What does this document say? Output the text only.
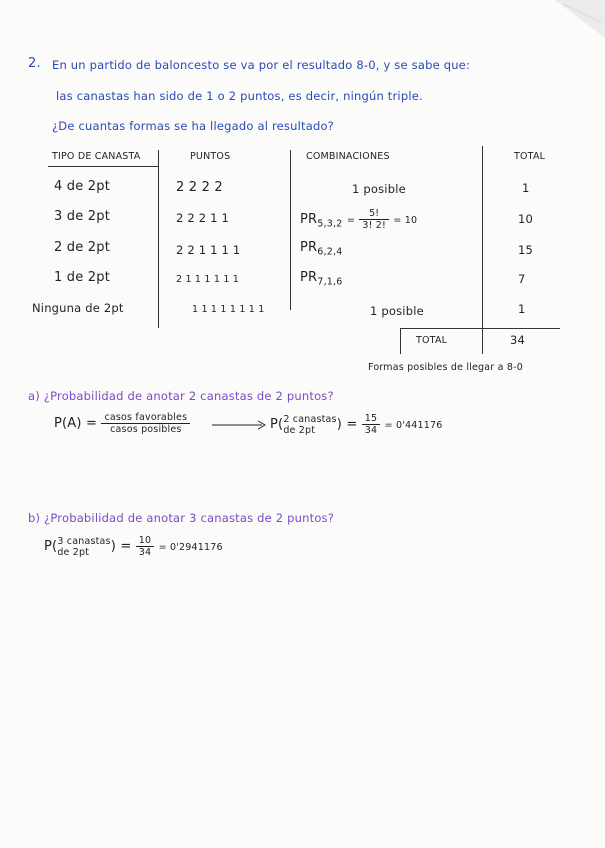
2. En un partido de baloncesto se va por el resultado 8-0, y se sabe que:
las canastas han sido de 1 o 2 puntos, es decir, ningún triple.
¿De cuantas formas se ha llegado al resultado?
TIPO DE CANASTA	PUNTOS	COMBINACIONES	TOTAL
4 de 2pt	2 2 2 2	1 posible	1
3 de 2pt	2 2 2 1 1	$PR_{5,3,2} = \frac{5!}{3! 2!} = 10$	10
2 de 2pt	2 2 1 1 1 1	$PR_{6,2,4}$	15
1 de 2pt	2 1 1 1 1 1 1	$PR_{7,1,6}$	7
Ninguna de 2pt	1 1 1 1 1 1 1 1	1 posible	1
TOTAL	34
Formas posibles de llegar a 8-0
a) ¿Probabilidad de anotar 2 canastas de 2 puntos?
$P(A) = \frac{\text{casos favorables}}{\text{casos posibles}}$	P( 2 canastas
de 2pt	) = $\frac{15}{34} = 0'441176$
b) ¿Probabilidad de anotar 3 canastas de 2 puntos?
P( 3 canastas
de 2pt	) = $\frac{10}{34} = 0'2941176$
